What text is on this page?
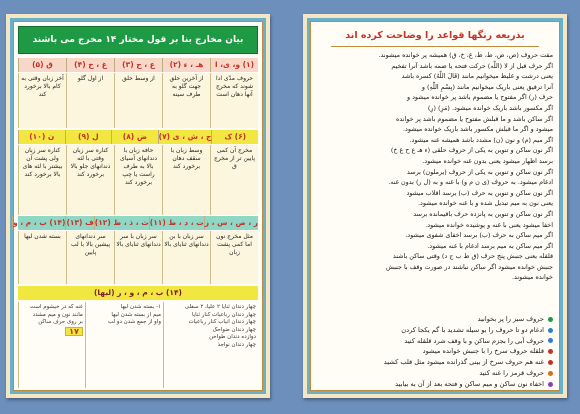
بیان مخارج بنا بر قول مختار ۱۴ مخرج می باشند
(۱) و، ی، ا
هـ ، ء (۲)
ع ، ح (۳)
غ ، خ (۴)
ق (۵)
حروف مدّی ادا شوند که مخرج آنها دهان است
از آخرین حلق جهت گلو به طرف سینه
از وسط حلق
از اول گلو
آخر زبان وقتی به کام بالا برخورد کند
(۶) ک
ج ، ش ، ی (۷)
ض (۸)
ل (۹)
ن (۱۰)
مخرج آن کمی پایین تر از مخرج ق
وسط زبان با سقف دهان برخورد کند
حافه زبان با دندانهای آسیای بالا به طرف راست یا چپ برخورد کند
کناره سر زبان وقتی با لثه دندانهای جلو بالا برخورد کند
کناره سر زبان ولی پشت آن بیشتر با لثه های بالا برخورد کند
ر ، ص ، س ، ز
ت ، د ، ط (۱۱)
ث ، ذ ، ظ (۱۲)
ف (۱۳)
(۱۴) ب ، م ، و
مثل مخرج نون اما کمی پشت زبان
سر زبان با بن دندانهای ثنایای بالا
سر زبان با سر دندانهای ثنایای بالا
سر دندانهای پیشین بالا با لب پایین
بسته شدن لبها
(۱۴) ب ، م ، و ، ر (لبها)
چهار دندان ثنایا ۲ علیا، ۲ سفلی
چهار دندان رباعیات کنار ثنایا
چهار دندان انیاب کنار رباعیات
چهار دندان ضواحک
دوازده دندان طواحن
چهار دندان نواجذ
۱- بسته شدن لبها
میم از بسته شدن لبها
واو از جمع شدن دو لب
غنه که در خیشوم است
مانند نون و میم مشدد
بر روی حرف ساکن
۱۷
بذریعه رنگها قواعد را وضاحت کرده اند

مفت حروف (ص، ض، ط، ظ، غ، خ، ق) همیشه پر خوانده میشوند.

اگر حرف قبل از لا (اللّٰه) حرکت فتحه یا ضمه باشد آنرا تفخیم

یعنی درشت و غلیظ میخوانیم مانند (قَالَ اللّٰهُ) کسره باشد

آنرا ترقیق یعنی باریک میخوانیم مانند (بِسْمِ اللّٰهِ) و

حرف (ر) اگر مفتوح یا مضموم باشد پر خوانده میشود و

اگر مکسور باشد باریک خوانده میشود. (مَرِ) (رِ)

اگر ساکن باشد و ما قبلش مفتوح یا مضموم باشد پر خوانده

میشود و اگر ما قبلش مکسور باشد باریک خوانده میشود.

اگر میم (م) و نون (ن) مشدد باشد همیشه غنه میشود.

اگر نون ساکن و تنوین به یکی از حروف حلقی (ء هـ ع ح غ خ)

برسد اظهار میشود یعنی بدون غنه خوانده میشود.

اگر نون ساکن و تنوین به یکی از حروف (یرملون) برسد

ادغام میشود. به حروف (ی ن م و) با غنه و به (ل ر) بدون غنه.

اگر نون ساکن و تنوین به حرف (ب) برسد اقلاب میشود

یعنی نون به میم تبدیل شده و با غنه خوانده میشود.

اگر نون ساکن و تنوین به پانزده حرف باقیمانده برسد

اخفا میشود یعنی با غنه و پوشیده خوانده میشود.

اگر میم ساکن به حرف (ب) برسد اخفای شفوی میشود.

اگر میم ساکن به میم برسد ادغام با غنه میشود.

قلقله یعنی جنبش پنج حرف (ق ط ب ج د) وقتی ساکن باشند

جنبش خوانده میشود اگر ساکن نباشند در صورت وقف با جنبش

خوانده میشوند.

حروف سبز را پر بخوانید
ادغام دو تا حروف را بو سیله تشدید با گم یکجا کردن
حروف آبی را بجزم ساکن و با وقف شرد قلقله کنید
قلقله حروف سرخ را با جنبش خوانده میشود
غنه هم حروف سرخ از بینی گذرانده میشود مثل قلب کشید
حروف قرمز را غنه کنید
اخفاء نون ساکن و میم ساکن و فتحه بعد از آن به بیابید
